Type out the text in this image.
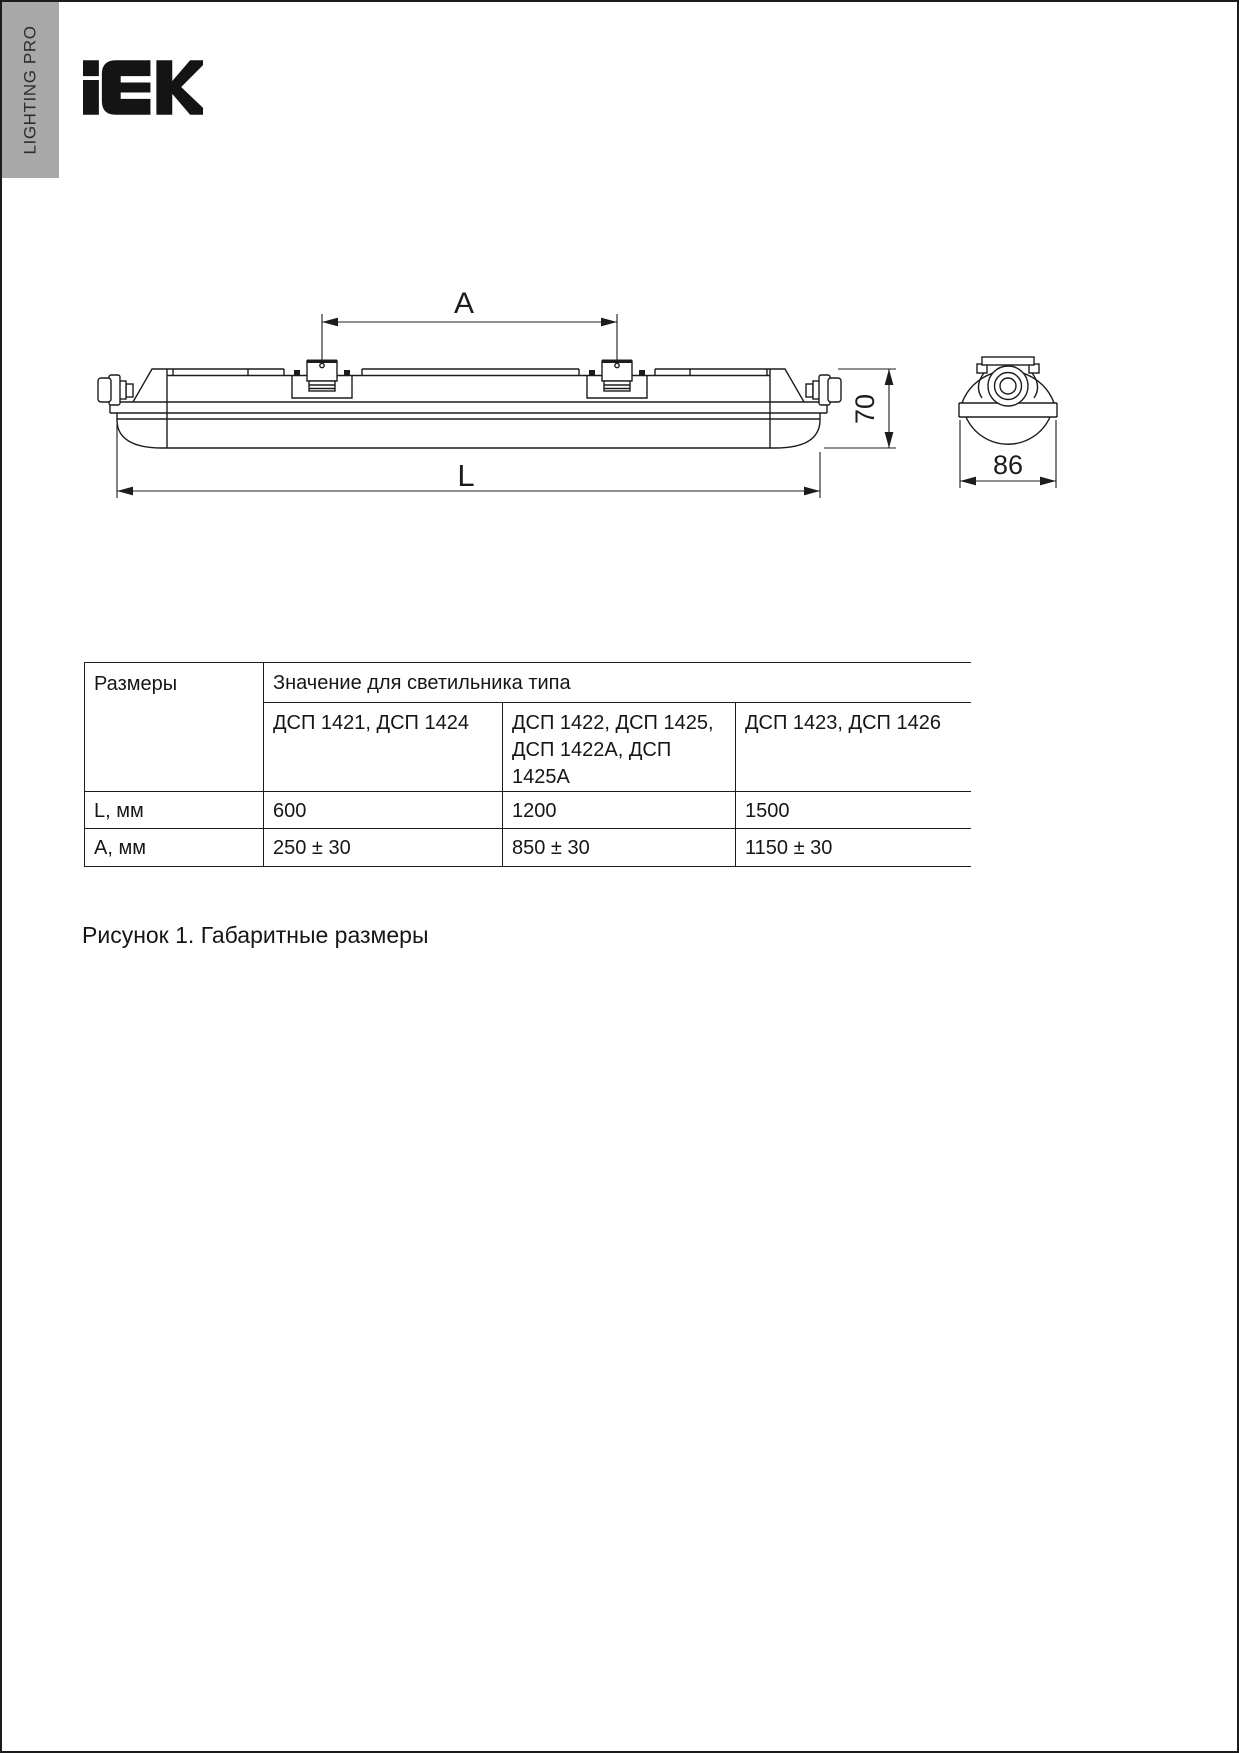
LIGHTING PRO
A
L
70
86
Размеры	Значение для светильника типа		
	ДСП 1421, ДСП 1424	ДСП 1422, ДСП 1425, ДСП 1422А, ДСП 1425А	ДСП 1423, ДСП 1426
L, мм	600	1200	1500
А, мм	250 ± 30	850 ± 30	1150 ± 30
Рисунок 1. Габаритные размеры
